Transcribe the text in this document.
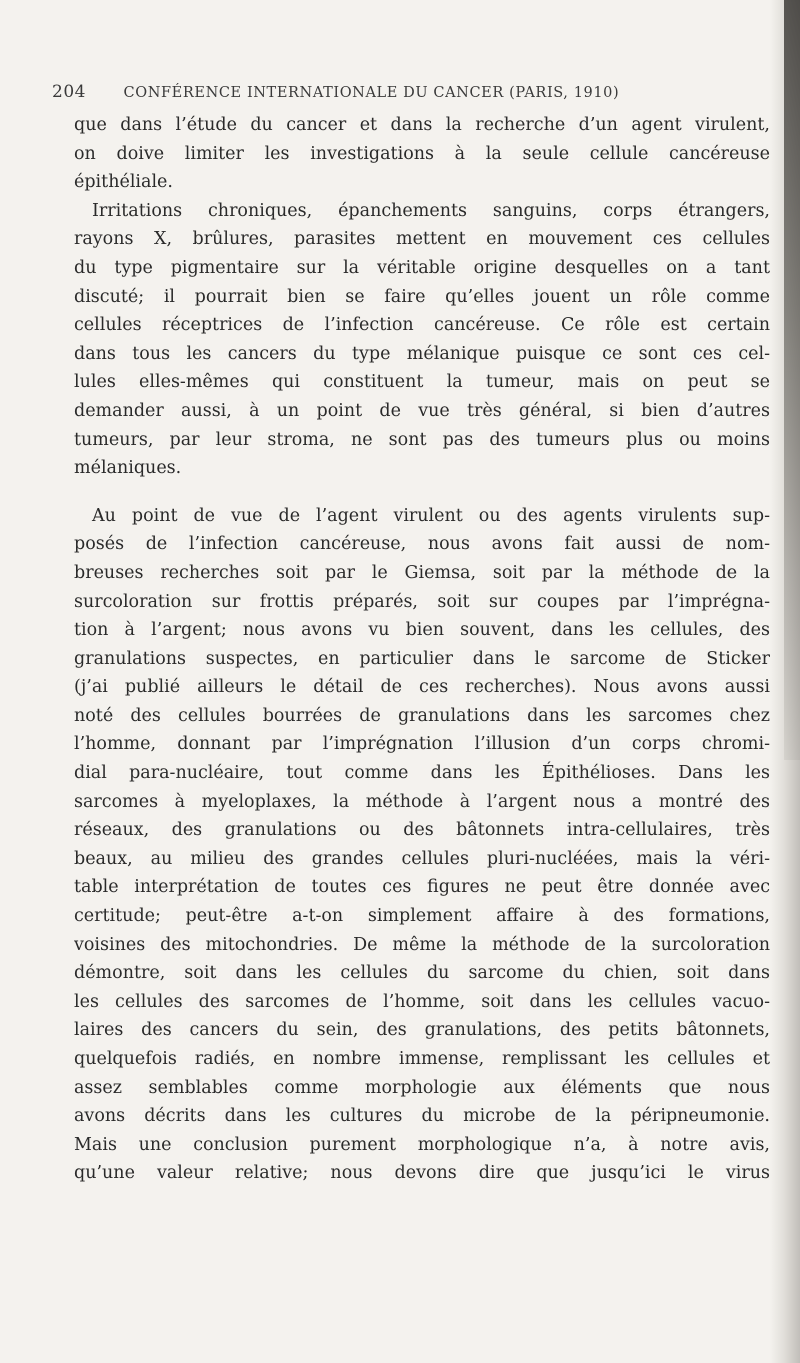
204	CONFÉRENCE INTERNATIONALE DU CANCER (PARIS, 1910)
que dans l’étude du cancer et dans la recherche d’un agent virulent,
on doive limiter les investigations à la seule cellule cancéreuse
épithéliale.
Irritations chroniques, épanchements sanguins, corps étrangers,
rayons X, brûlures, parasites mettent en mouvement ces cellules
du type pigmentaire sur la véritable origine desquelles on a tant
discuté; il pourrait bien se faire qu’elles jouent un rôle comme
cellules réceptrices de l’infection cancéreuse. Ce rôle est certain
dans tous les cancers du type mélanique puisque ce sont ces cel-
lules elles-mêmes qui constituent la tumeur, mais on peut se
demander aussi, à un point de vue très général, si bien d’autres
tumeurs, par leur stroma, ne sont pas des tumeurs plus ou moins
mélaniques.
Au point de vue de l’agent virulent ou des agents virulents sup-
posés de l’infection cancéreuse, nous avons fait aussi de nom-
breuses recherches soit par le Giemsa, soit par la méthode de la
surcoloration sur frottis préparés, soit sur coupes par l’imprégna-
tion à l’argent; nous avons vu bien souvent, dans les cellules, des
granulations suspectes, en particulier dans le sarcome de Sticker
(j’ai publié ailleurs le détail de ces recherches). Nous avons aussi
noté des cellules bourrées de granulations dans les sarcomes chez
l’homme, donnant par l’imprégnation l’illusion d’un corps chromi-
dial para-nucléaire, tout comme dans les Épithélioses. Dans les
sarcomes à myeloplaxes, la méthode à l’argent nous a montré des
réseaux, des granulations ou des bâtonnets intra-cellulaires, très
beaux, au milieu des grandes cellules pluri-nucléées, mais la véri-
table interprétation de toutes ces figures ne peut être donnée avec
certitude; peut-être a-t-on simplement affaire à des formations,
voisines des mitochondries. De même la méthode de la surcoloration
démontre, soit dans les cellules du sarcome du chien, soit dans
les cellules des sarcomes de l’homme, soit dans les cellules vacuo-
laires des cancers du sein, des granulations, des petits bâtonnets,
quelquefois radiés, en nombre immense, remplissant les cellules et
assez semblables comme morphologie aux éléments que nous
avons décrits dans les cultures du microbe de la péripneumonie.
Mais une conclusion purement morphologique n’a, à notre avis,
qu’une valeur relative; nous devons dire que jusqu’ici le virus
